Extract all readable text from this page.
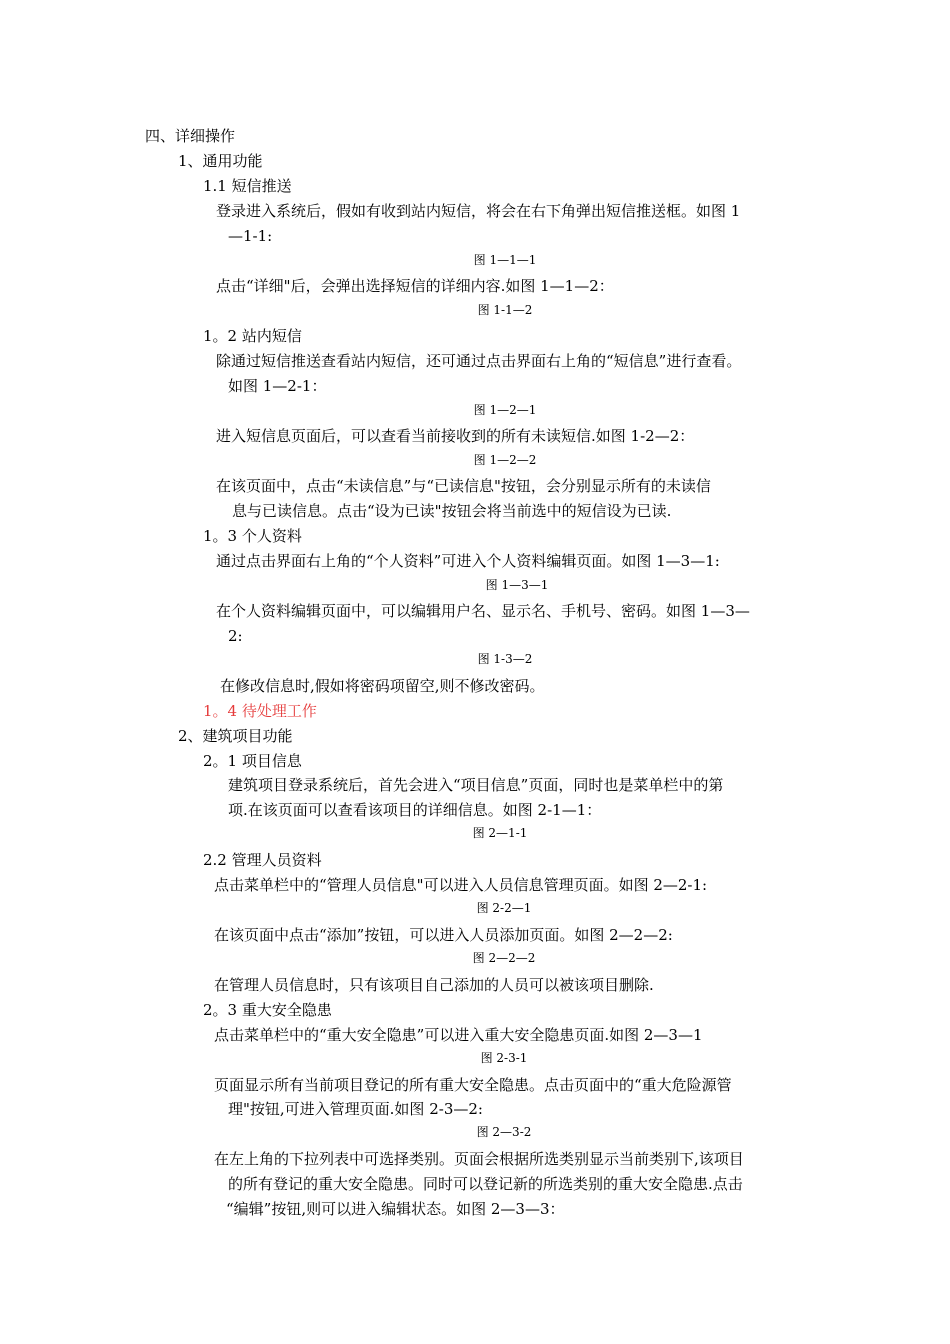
四、详细操作
1、通用功能
1.1 短信推送
登录进入系统后，假如有收到站内短信，将会在右下角弹出短信推送框。如图 1
—1-1:
图 1—1—1
点击“详细"后，会弹出选择短信的详细内容.如图 1—1—2：
图 1-1—2
1。2 站内短信
除通过短信推送查看站内短信，还可通过点击界面右上角的“短信息”进行查看。
如图 1—2-1：
图 1—2—1
进入短信息页面后，可以查看当前接收到的所有未读短信.如图 1-2—2：
图 1—2—2
在该页面中，点击“未读信息”与“已读信息"按钮，会分别显示所有的未读信
息与已读信息。点击“设为已读"按钮会将当前选中的短信设为已读.
1。3 个人资料
通过点击界面右上角的“个人资料”可进入个人资料编辑页面。如图 1—3—1:
图 1—3—1
在个人资料编辑页面中，可以编辑用户名、显示名、手机号、密码。如图 1—3—
2:
图 1-3—2
在修改信息时,假如将密码项留空,则不修改密码。
1。4 待处理工作
2、建筑项目功能
2。1 项目信息
建筑项目登录系统后，首先会进入“项目信息”页面，同时也是菜单栏中的第
项.在该页面可以查看该项目的详细信息。如图 2-1—1：
图 2—1-1
2.2 管理人员资料
点击菜单栏中的“管理人员信息"可以进入人员信息管理页面。如图 2—2-1:
图 2-2—1
在该页面中点击“添加”按钮，可以进入人员添加页面。如图 2—2—2:
图 2—2—2
在管理人员信息时，只有该项目自己添加的人员可以被该项目删除.
2。3 重大安全隐患
点击菜单栏中的“重大安全隐患”可以进入重大安全隐患页面.如图 2—3—1
图 2-3-1
页面显示所有当前项目登记的所有重大安全隐患。点击页面中的“重大危险源管
理"按钮,可进入管理页面.如图 2-3—2:
图 2—3-2
在左上角的下拉列表中可选择类别。页面会根据所选类别显示当前类别下,该项目
的所有登记的重大安全隐患。同时可以登记新的所选类别的重大安全隐患.点击
“编辑”按钮,则可以进入编辑状态。如图 2—3—3：
